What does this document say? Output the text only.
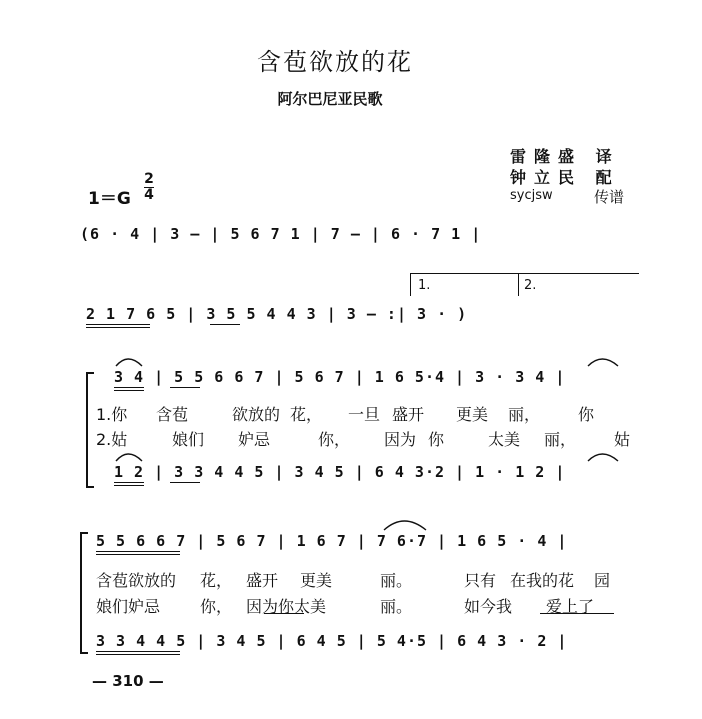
含苞欲放的花
阿尔巴尼亚民歌
雷隆盛 译
钟立民 配
sycjsw	传谱
1＝G
2
4
(6 · 4 | 3 — | 5 6 7 1 | 7 — | 6 · 7 1 |
1.	2.
2 1 7 6 5 | 3 5 5 4 4 3 | 3 — :| 3 · )
3 4 | 5 5 6 6 7 | 5 6 7 | 1 6 5·4 | 3 · 3 4 |
1.你 含苞	欲放的 花， 一旦 盛开 更美 丽， 你
2.姑	娘们 妒忌	你， 因为 你	太美 丽， 姑
1 2 | 3 3 4 4 5 | 3 4 5 | 6 4 3·2 | 1 · 1 2 |
5 5 6 6 7 | 5 6 7 | 1 6 7 | 7 6·7 | 1 6 5 · 4 |
含苞欲放的 花， 盛开 更美	丽。	只有 在我的花 园
娘们妒忌 你， 因为你太美	丽。	如今我 爱上了
3 3 4 4 5 | 3 4 5 | 6 4 5 | 5 4·5 | 6 4 3 · 2 |
— 310 —
